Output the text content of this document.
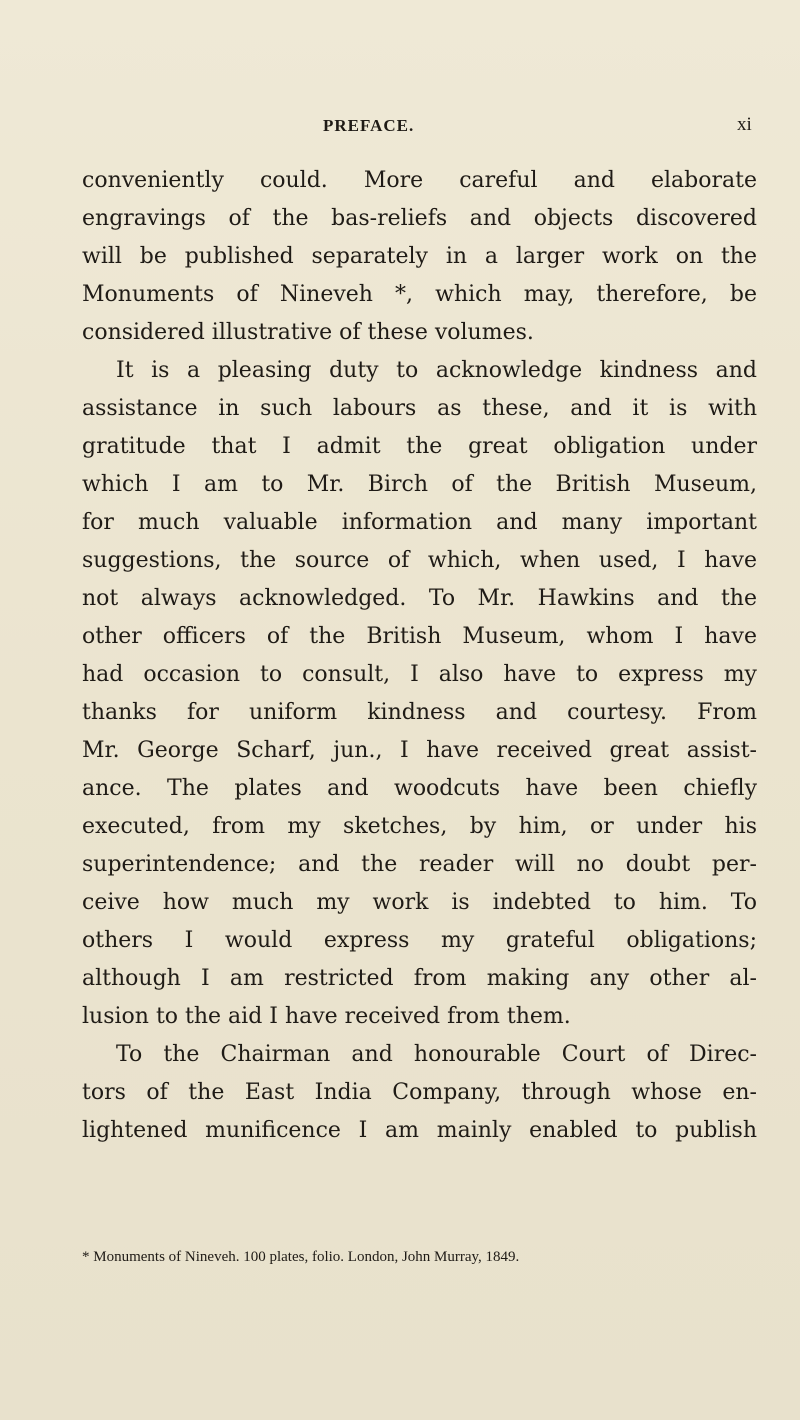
PREFACE.	xi
conveniently could. More careful and elaborate
engravings of the bas-reliefs and objects discovered
will be published separately in a larger work on the
Monuments of Nineveh *, which may, therefore, be
considered illustrative of these volumes.
It is a pleasing duty to acknowledge kindness and
assistance in such labours as these, and it is with
gratitude that I admit the great obligation under
which I am to Mr. Birch of the British Museum,
for much valuable information and many important
suggestions, the source of which, when used, I have
not always acknowledged. To Mr. Hawkins and the
other officers of the British Museum, whom I have
had occasion to consult, I also have to express my
thanks for uniform kindness and courtesy. From
Mr. George Scharf, jun., I have received great assist-
ance. The plates and woodcuts have been chiefly
executed, from my sketches, by him, or under his
superintendence; and the reader will no doubt per-
ceive how much my work is indebted to him. To
others I would express my grateful obligations;
although I am restricted from making any other al-
lusion to the aid I have received from them.
To the Chairman and honourable Court of Direc-
tors of the East India Company, through whose en-
lightened munificence I am mainly enabled to publish
* Monuments of Nineveh. 100 plates, folio. London, John Murray, 1849.
